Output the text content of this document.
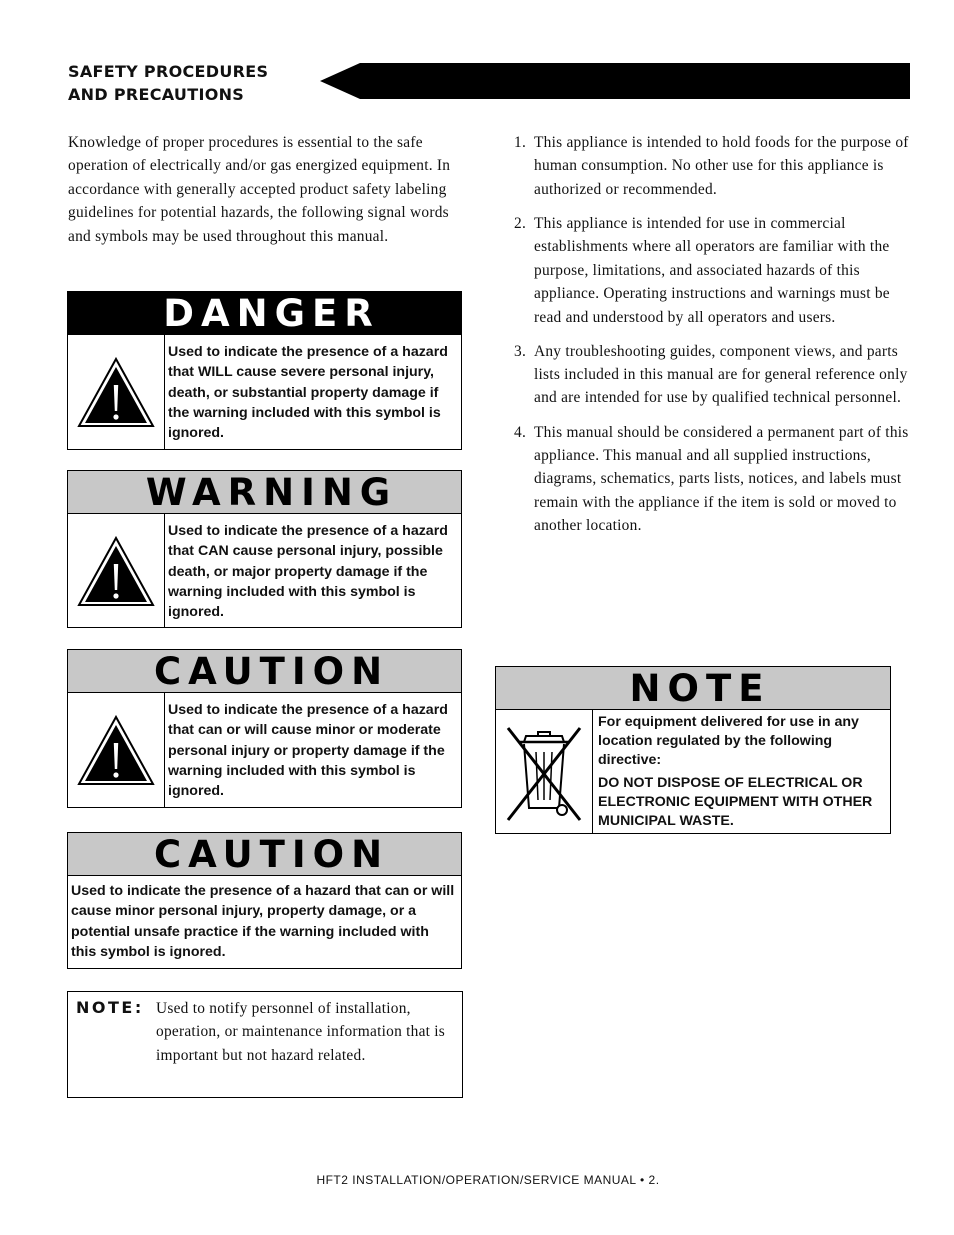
SAFETY PROCEDURES
AND PRECAUTIONS

Knowledge of proper procedures is essential to the safe operation of electrically and/or gas energized equipment. In accordance with generally accepted product safety labeling guidelines for potential hazards, the following signal words and symbols may be used throughout this manual.

DANGER
Used to indicate the presence of a hazard that WILL cause severe personal injury, death, or substantial property damage if the warning included with this symbol is ignored.
WARNING
Used to indicate the presence of a hazard that CAN cause personal injury, possible death, or major property damage if the warning included with this symbol is ignored.
CAUTION
Used to indicate the presence of a hazard that can or will cause minor or moderate personal injury or property damage if the warning included with this symbol is ignored.
CAUTION
Used to indicate the presence of a hazard that can or will cause minor personal injury, property damage, or a potential unsafe practice if the warning included with this symbol is ignored.
NOTE: Used to notify personnel of installation, operation, or maintenance information that is important but not hazard related.

1. This appliance is intended to hold foods for the purpose of human consumption. No other use for this appliance is authorized or recommended.
2. This appliance is intended for use in commercial establishments where all operators are familiar with the purpose, limitations, and associated hazards of this appliance. Operating instructions and warnings must be read and understood by all operators and users.
3. Any troubleshooting guides, component views, and parts lists included in this manual are for general reference only and are intended for use by qualified technical personnel.
4. This manual should be considered a permanent part of this appliance. This manual and all supplied instructions, diagrams, schematics, parts lists, notices, and labels must remain with the appliance if the item is sold or moved to another location.
NOTE

For equipment delivered for use in any location regulated by the following directive:

DO NOT DISPOSE OF ELECTRICAL OR ELECTRONIC EQUIPMENT WITH OTHER MUNICIPAL WASTE.

HFT2 INSTALLATION/OPERATION/SERVICE MANUAL • 2.
